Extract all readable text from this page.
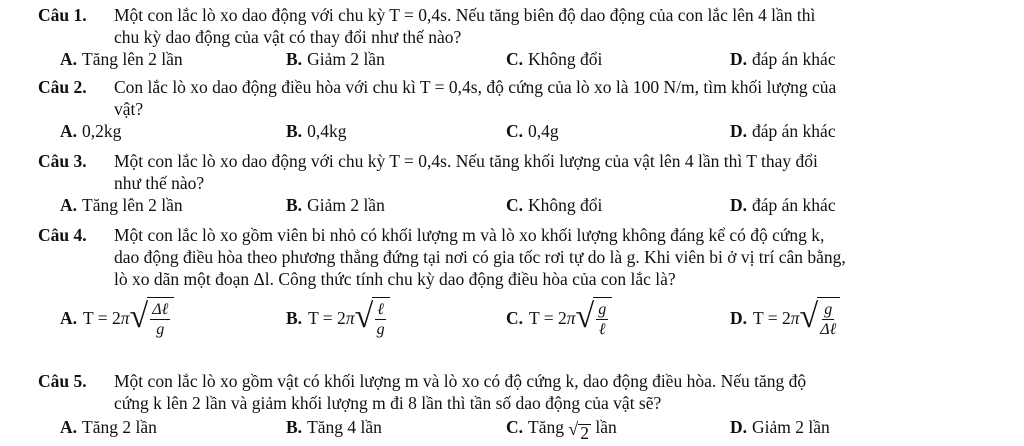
Câu 1. Một con lắc lò xo dao động với chu kỳ T = 0,4s. Nếu tăng biên độ dao động của con lắc lên 4 lần thì
chu kỳ dao động của vật có thay đổi như thế nào?
A. Tăng lên 2 lần	B. Giảm 2 lần	C. Không đổi	D. đáp án khác
Câu 2. Con lắc lò xo dao động điều hòa với chu kì T = 0,4s, độ cứng của lò xo là 100 N/m, tìm khối lượng của
vật?
A. 0,2kg	B. 0,4kg	C. 0,4g	D. đáp án khác
Câu 3. Một con lắc lò xo dao động với chu kỳ T = 0,4s. Nếu tăng khối lượng của vật lên 4 lần thì T thay đổi
như thế nào?
A. Tăng lên 2 lần	B. Giảm 2 lần	C. Không đổi	D. đáp án khác
Câu 4. Một con lắc lò xo gồm viên bi nhỏ có khối lượng m và lò xo khối lượng không đáng kể có độ cứng k,
dao động điều hòa theo phương thẳng đứng tại nơi có gia tốc rơi tự do là g. Khi viên bi ở vị trí cân bằng,
lò xo dãn một đoạn Δl. Công thức tính chu kỳ dao động điều hòa của con lắc là?
A. T = 2 π √ $\frac{\text{Δℓ}}{g}$	B. T = 2 π √ $\frac{\text{ℓ}}{g}$	C. T = 2 π √ $\frac{g}{\text{ℓ}}$	D. T = 2 π √ $\frac{g}{\text{Δℓ}}$
Câu 5. Một con lắc lò xo gồm vật có khối lượng m và lò xo có độ cứng k, dao động điều hòa. Nếu tăng độ
cứng k lên 2 lần và giảm khối lượng m đi 8 lần thì tần số dao động của vật sẽ?
A. Tăng 2 lần	B. Tăng 4 lần	C. Tăng √ 2 lần	D. Giảm 2 lần
